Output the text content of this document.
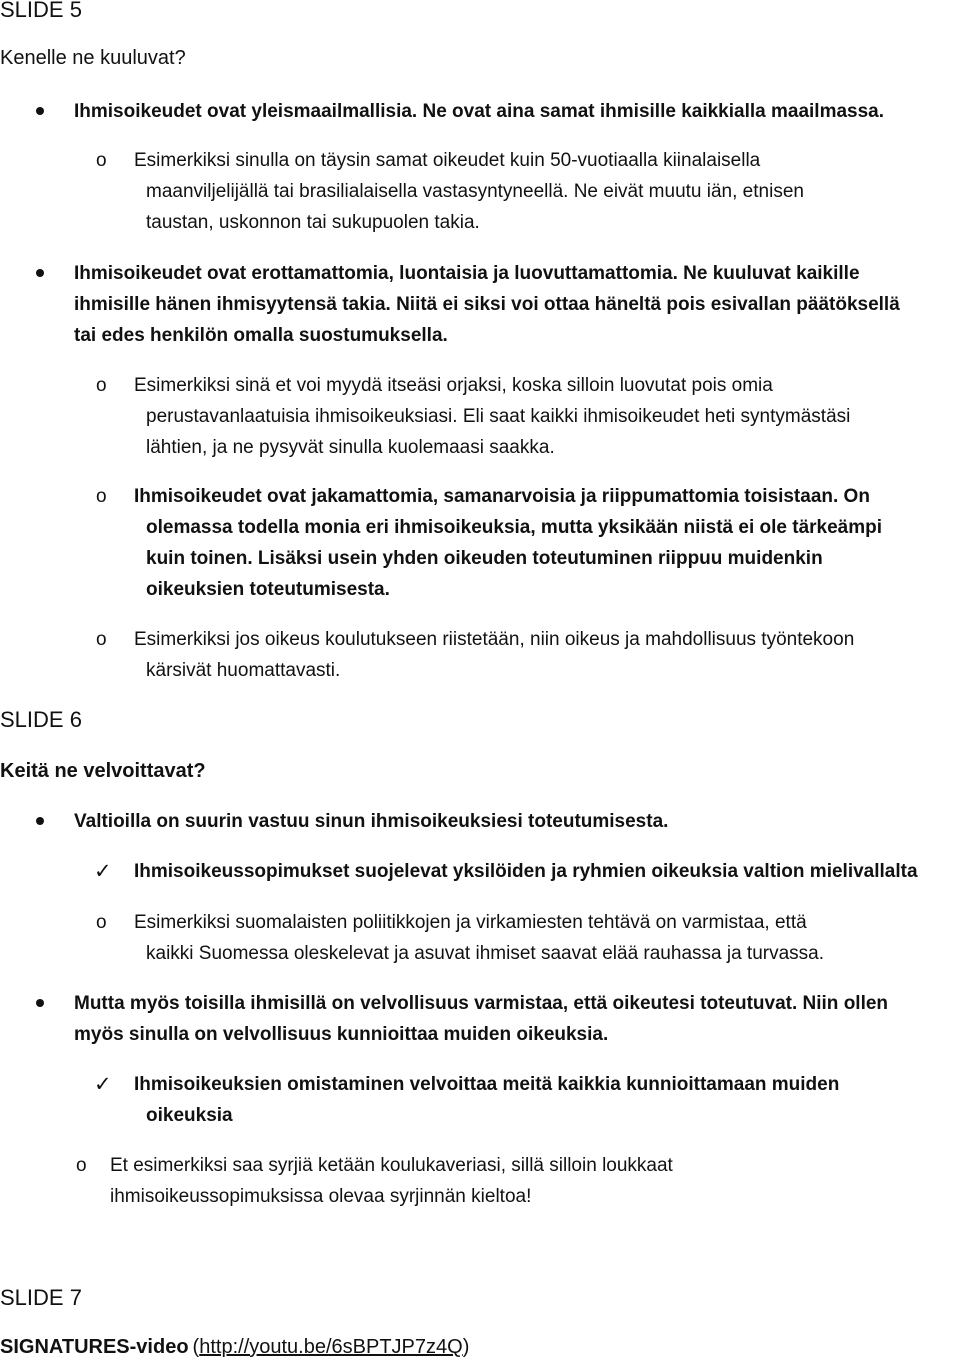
SLIDE 5
Kenelle ne kuuluvat?
Ihmisoikeudet ovat yleismaailmallisia. Ne ovat aina samat ihmisille kaikkialla maailmassa.
o Esimerkiksi sinulla on täysin samat oikeudet kuin 50-vuotiaalla kiinalaisella
maanviljelijällä tai brasilialaisella vastasyntyneellä. Ne eivät muutu iän, etnisen
taustan, uskonnon tai sukupuolen takia.
Ihmisoikeudet ovat erottamattomia, luontaisia ja luovuttamattomia. Ne kuuluvat kaikille
ihmisille hänen ihmisyytensä takia. Niitä ei siksi voi ottaa häneltä pois esivallan päätöksellä
tai edes henkilön omalla suostumuksella.
o Esimerkiksi sinä et voi myydä itseäsi orjaksi, koska silloin luovutat pois omia
perustavanlaatuisia ihmisoikeuksiasi. Eli saat kaikki ihmisoikeudet heti syntymästäsi
lähtien, ja ne pysyvät sinulla kuolemaasi saakka.
o Ihmisoikeudet ovat jakamattomia, samanarvoisia ja riippumattomia toisistaan. On
olemassa todella monia eri ihmisoikeuksia, mutta yksikään niistä ei ole tärkeämpi
kuin toinen. Lisäksi usein yhden oikeuden toteutuminen riippuu muidenkin
oikeuksien toteutumisesta.
o Esimerkiksi jos oikeus koulutukseen riistetään, niin oikeus ja mahdollisuus työntekoon
kärsivät huomattavasti.
SLIDE 6
Keitä ne velvoittavat?
Valtioilla on suurin vastuu sinun ihmisoikeuksiesi toteutumisesta.
✓ Ihmisoikeussopimukset suojelevat yksilöiden ja ryhmien oikeuksia valtion mielivallalta
o Esimerkiksi suomalaisten poliitikkojen ja virkamiesten tehtävä on varmistaa, että
kaikki Suomessa oleskelevat ja asuvat ihmiset saavat elää rauhassa ja turvassa.
Mutta myös toisilla ihmisillä on velvollisuus varmistaa, että oikeutesi toteutuvat. Niin ollen
myös sinulla on velvollisuus kunnioittaa muiden oikeuksia.
✓ Ihmisoikeuksien omistaminen velvoittaa meitä kaikkia kunnioittamaan muiden
oikeuksia
o Et esimerkiksi saa syrjiä ketään koulukaveriasi, sillä silloin loukkaat
ihmisoikeussopimuksissa olevaa syrjinnän kieltoa!
SLIDE 7
SIGNATURES-video (http://youtu.be/6sBPTJP7z4Q)
